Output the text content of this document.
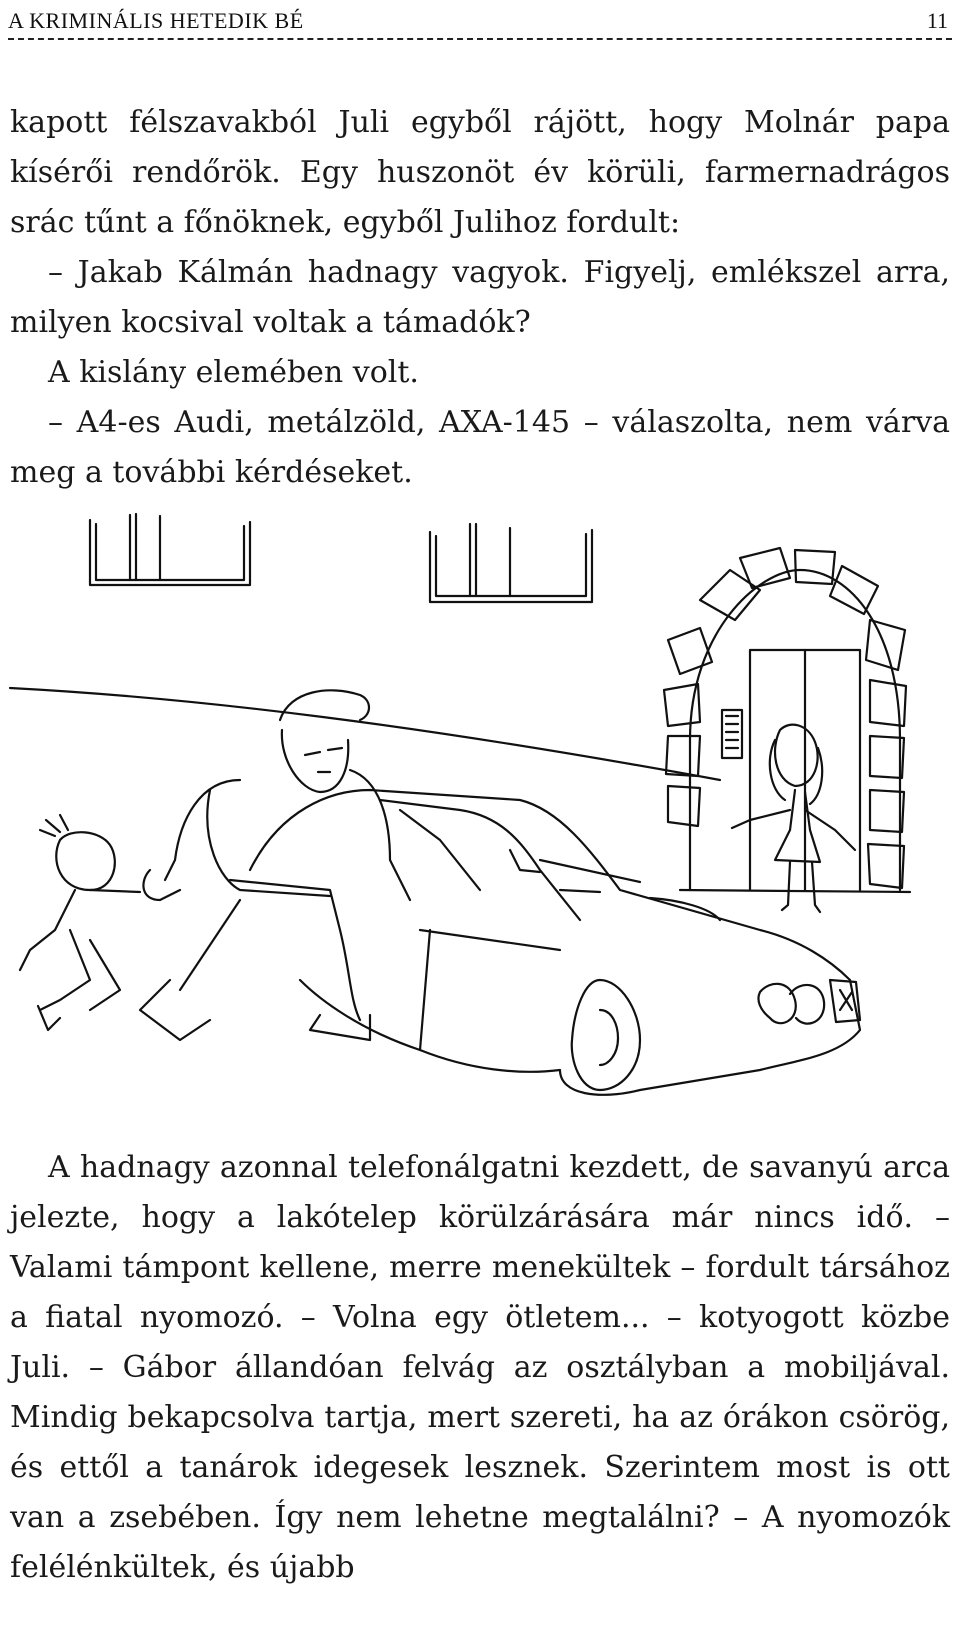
A KRIMINÁLIS HETEDIK BÉ	11

kapott félszavakból Juli egyből rájött, hogy Molnár papa kísérői rendőrök. Egy huszonöt év körüli, farmernadrágos srác tűnt a főnöknek, egyből Julihoz fordult:

– Jakab Kálmán hadnagy vagyok. Figyelj, emlékszel arra, milyen kocsival voltak a támadók?

A kislány elemében volt.

– A4-es Audi, metálzöld, AXA-145 – válaszolta, nem várva meg a további kérdéseket.

A hadnagy azonnal telefonálgatni kezdett, de savanyú arca jelezte, hogy a lakótelep körülzárására már nincs idő. – Valami támpont kellene, merre menekültek – fordult társához a fiatal nyomozó. – Volna egy ötletem... – kotyogott közbe Juli. – Gábor állandóan felvág az osztályban a mobiljával. Mindig bekapcsolva tartja, mert szereti, ha az órákon csörög, és ettől a tanárok idegesek lesznek. Szerintem most is ott van a zsebében. Így nem lehetne megtalálni? – A nyomozók felélénkültek, és újabb
